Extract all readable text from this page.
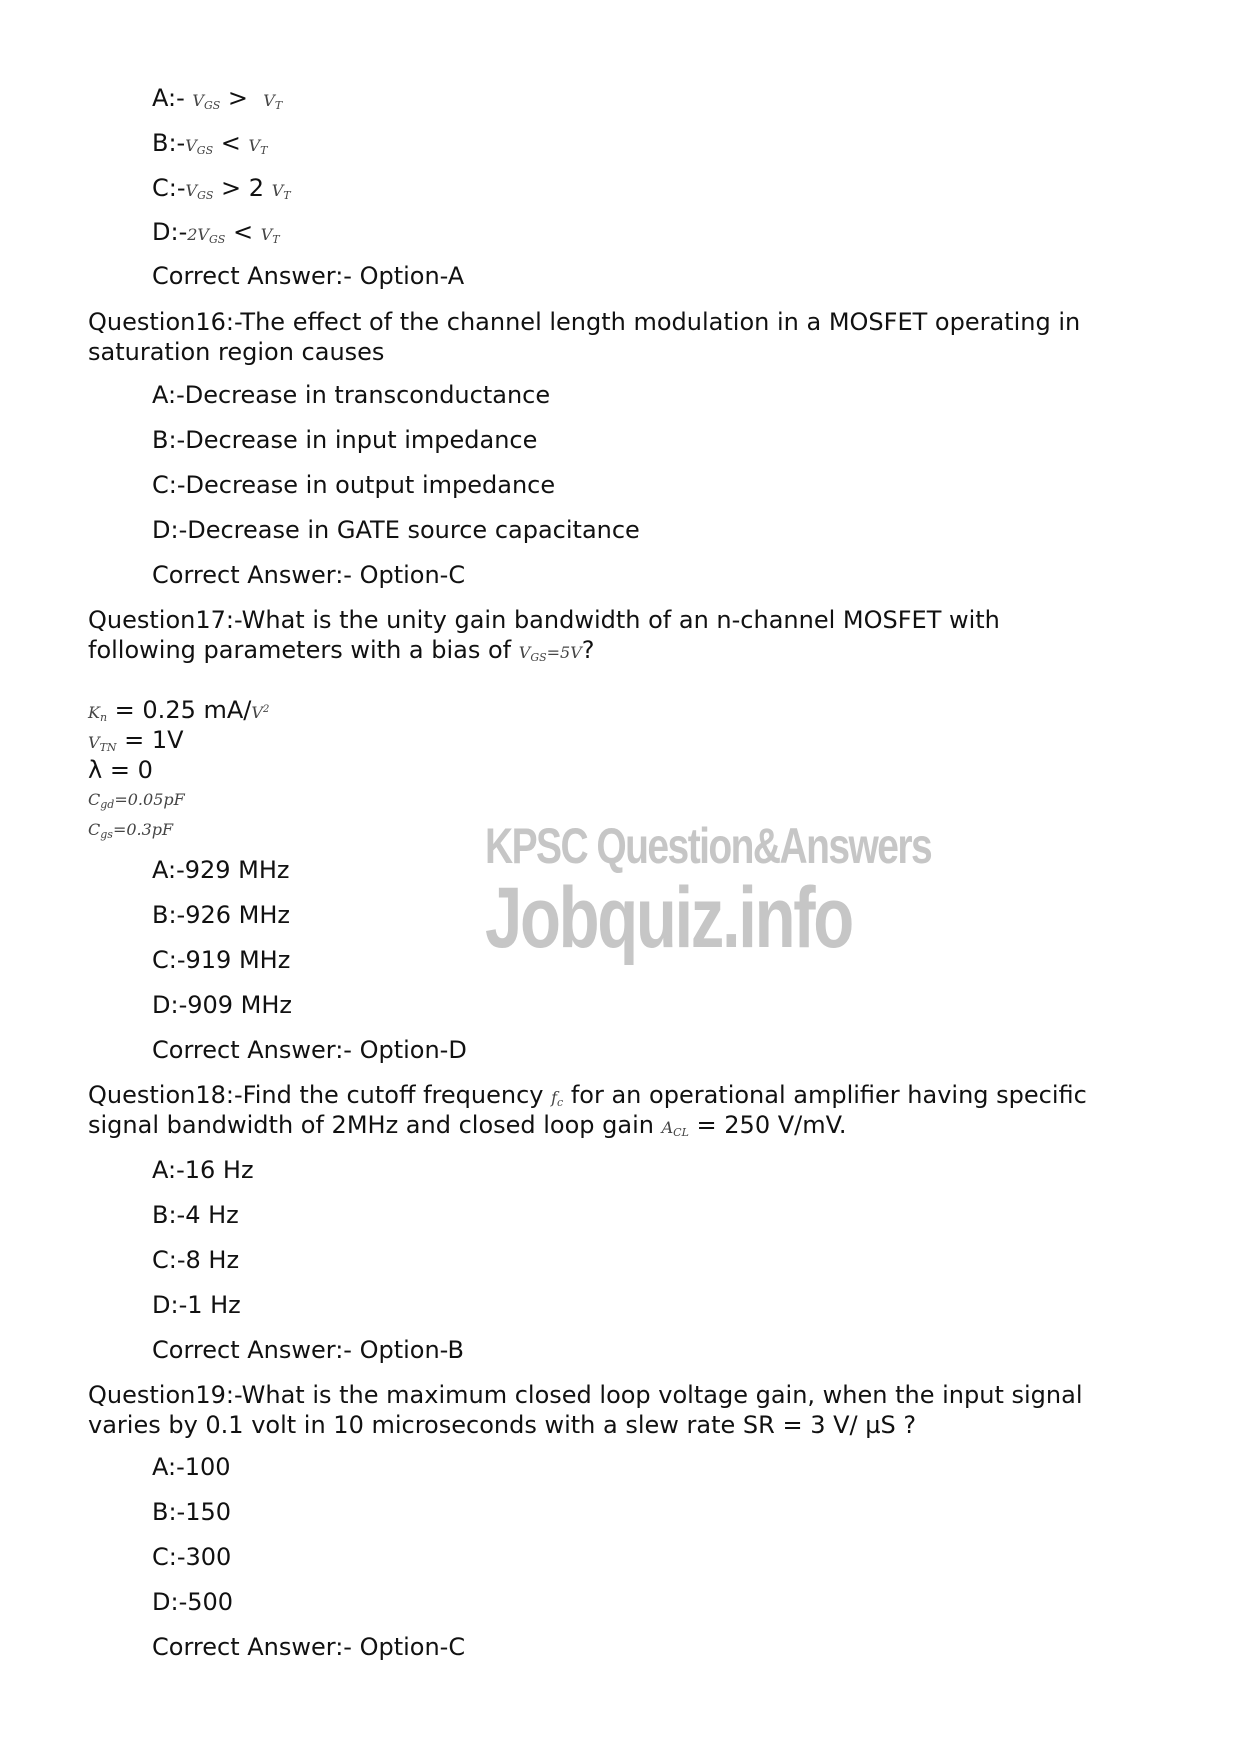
A:- $V_{GS} > V_T$
$B:-V_{GS} < V_T$
$C:-V_{GS} > 2$ $V_T$
$D:-2V_{GS} < V_T$
Correct Answer:- Option-A
Question16:-The effect of the channel length modulation in a MOSFET operating in
saturation region causes
A:-Decrease in transconductance
B:-Decrease in input impedance
C:-Decrease in output impedance
D:-Decrease in GATE source capacitance
Correct Answer:- Option-C
Question17:-What is the unity gain bandwidth of an n-channel MOSFET with
following parameters with a bias of $V_{GS}=5V$?
$K_n = 0.25$ $mA/V^2$
$V_{TN} = 1V$
λ = 0
$C_{gd}=0.05pF$
$C_{gs}=0.3pF$
A:-929 MHz
B:-926 MHz
C:-919 MHz
D:-909 MHz
Correct Answer:- Option-D
Question18:-Find the cutoff frequency $f_c$ for an operational amplifier having specific
signal bandwidth of 2MHz and closed loop gain $A_{CL} = 250$ V/mV.
A:-16 Hz
B:-4 Hz
C:-8 Hz
D:-1 Hz
Correct Answer:- Option-B
Question19:-What is the maximum closed loop voltage gain, when the input signal
varies by 0.1 volt in 10 microseconds with a slew rate SR = 3 V/ µS ?
A:-100
B:-150
C:-300
D:-500
Correct Answer:- Option-C
KPSC Question&Answers
Jobquiz.info
